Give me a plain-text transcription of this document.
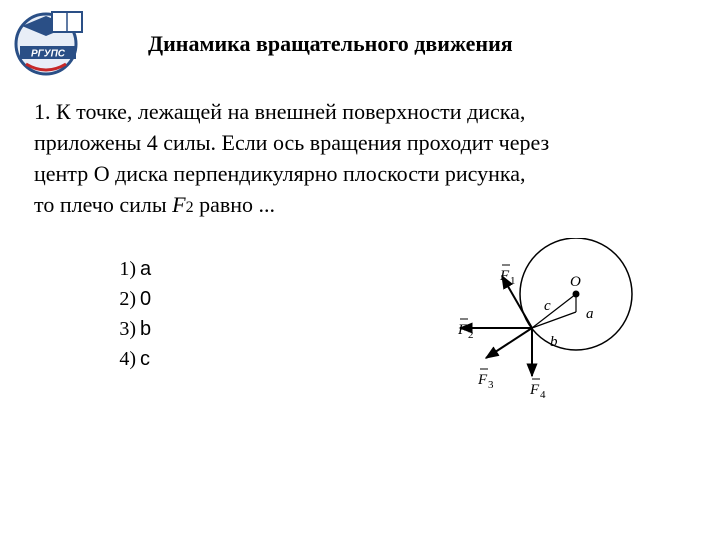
РГУПС	Динамика вращательного движения
1. К точке, лежащей на внешней поверхности диска,
приложены 4 силы. Если ось вращения проходит через
центр О диска перпендикулярно плоскости рисунка,
то плечо силы F2 равно ...
1) a
2) 0
3) b
4) c
O
a
b
c
F 1
F 2
F 3 F 4
